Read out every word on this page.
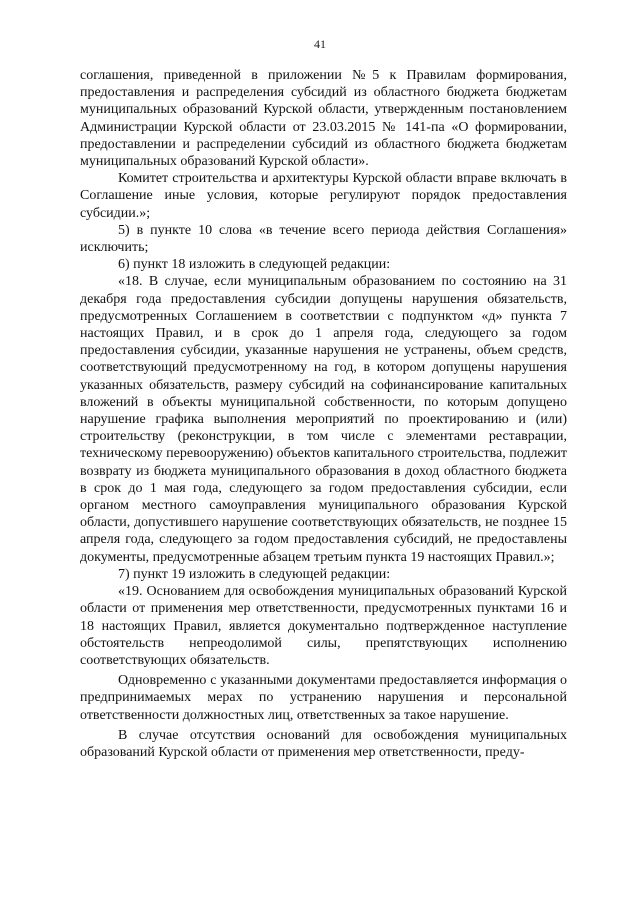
41

соглашения, приведенной в приложении №5 к Правилам формирования, предоставления и распределения субсидий из областного бюджета бюджетам муниципальных образований Курской области, утвержденным постановлением Администрации Курской области от 23.03.2015 № 141-па «О формировании, предоставлении и распределении субсидий из областного бюджета бюджетам муниципальных образований Курской области».

Комитет строительства и архитектуры Курской области вправе включать в Соглашение иные условия, которые регулируют порядок предоставления субсидии.»;

5) в пункте 10 слова «в течение всего периода действия Соглашения» исключить;

6) пункт 18 изложить в следующей редакции:

«18. В случае, если муниципальным образованием по состоянию на 31 декабря года предоставления субсидии допущены нарушения обязательств, предусмотренных Соглашением в соответствии с подпунктом «д» пункта 7 настоящих Правил, и в срок до 1 апреля года, следующего за годом предоставления субсидии, указанные нарушения не устранены, объем средств, соответствующий предусмотренному на год, в котором допущены нарушения указанных обязательств, размеру субсидий на софинансирование капитальных вложений в объекты муниципальной собственности, по которым допущено нарушение графика выполнения мероприятий по проектированию и (или) строительству (реконструкции, в том числе с элементами реставрации, техническому перевооружению) объектов капитального строительства, подлежит возврату из бюджета муниципального образования в доход областного бюджета в срок до 1 мая года, следующего за годом предоставления субсидии, если органом местного самоуправления муниципального образования Курской области, допустившего нарушение соответствующих обязательств, не позднее 15 апреля года, следующего за годом предоставления субсидий, не предоставлены документы, предусмотренные абзацем третьим пункта 19 настоящих Правил.»;

7) пункт 19 изложить в следующей редакции:

«19. Основанием для освобождения муниципальных образований Курской области от применения мер ответственности, предусмотренных пунктами 16 и 18 настоящих Правил, является документально подтвержденное наступление обстоятельств непреодолимой силы, препятствующих исполнению соответствующих обязательств.

Одновременно с указанными документами предоставляется информация о предпринимаемых мерах по устранению нарушения и персональной ответственности должностных лиц, ответственных за такое нарушение.

В случае отсутствия оснований для освобождения муниципальных образований Курской области от применения мер ответственности, преду-
